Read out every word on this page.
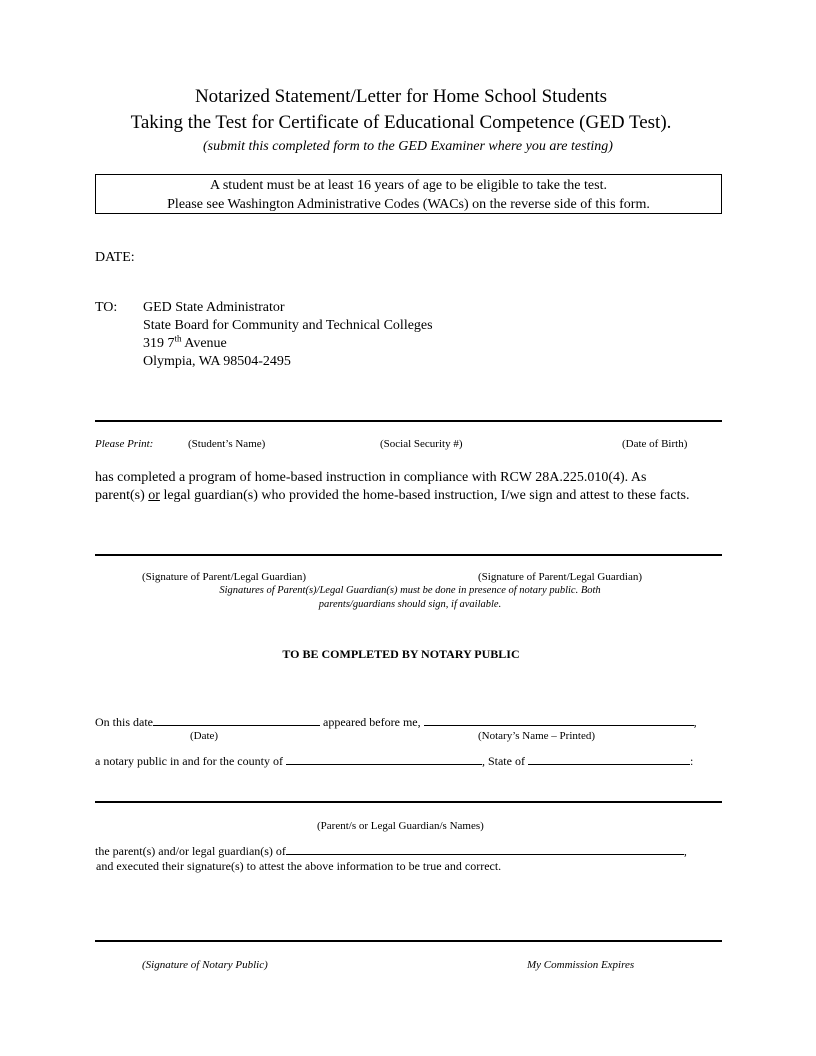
Notarized Statement/Letter for Home School Students
Taking the Test for Certificate of Educational Competence (GED Test).
(submit this completed form to the GED Examiner where you are testing)
A student must be at least 16 years of age to be eligible to take the test.
Please see Washington Administrative Codes (WACs) on the reverse side of this form.
DATE:
TO: GED State Administrator
State Board for Community and Technical Colleges
319 7th Avenue
Olympia, WA 98504-2495
Please Print:	(Student’s Name)	(Social Security #)	(Date of Birth)
has completed a program of home-based instruction in compliance with RCW 28A.225.010(4). As
parent(s) or legal guardian(s) who provided the home-based instruction, I/we sign and attest to these facts.
(Signature of Parent/Legal Guardian)	(Signature of Parent/Legal Guardian)
Signatures of Parent(s)/Legal Guardian(s) must be done in presence of notary public. Both
parents/guardians should sign, if available.
TO BE COMPLETED BY NOTARY PUBLIC
On this date	appeared before me,	,
(Date)	(Notary’s Name – Printed)
a notary public in and for the county of	, State of	:
(Parent/s or Legal Guardian/s Names)
the parent(s) and/or legal guardian(s) of	,
and executed their signature(s) to attest the above information to be true and correct.
(Signature of Notary Public)	My Commission Expires
